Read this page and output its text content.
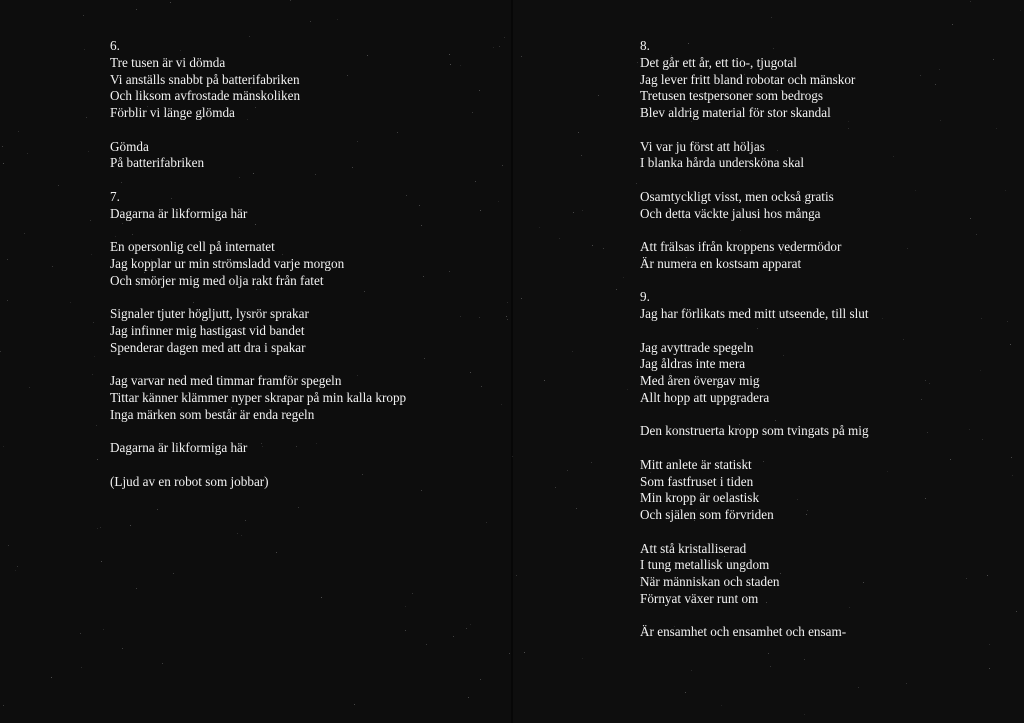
6.
Tre tusen är vi dömda
Vi anställs snabbt på batterifabriken
Och liksom avfrostade mänskoliken
Förblir vi länge glömda
Gömda
På batterifabriken
7.
Dagarna är likformiga här
En opersonlig cell på internatet
Jag kopplar ur min strömsladd varje morgon
Och smörjer mig med olja rakt från fatet
Signaler tjuter högljutt, lysrör sprakar
Jag infinner mig hastigast vid bandet
Spenderar dagen med att dra i spakar
Jag varvar ned med timmar framför spegeln
Tittar känner klämmer nyper skrapar på min kalla kropp
Inga märken som består är enda regeln
Dagarna är likformiga här
(Ljud av en robot som jobbar)
8.
Det går ett år, ett tio-, tjugotal
Jag lever fritt bland robotar och mänskor
Tretusen testpersoner som bedrogs
Blev aldrig material för stor skandal
Vi var ju först att höljas
I blanka hårda undersköna skal
Osamtyckligt visst, men också gratis
Och detta väckte jalusi hos många
Att frälsas ifrån kroppens vedermödor
Är numera en kostsam apparat
9.
Jag har förlikats med mitt utseende, till slut
Jag avyttrade spegeln
Jag åldras inte mera
Med åren övergav mig
Allt hopp att uppgradera
Den konstruerta kropp som tvingats på mig
Mitt anlete är statiskt
Som fastfruset i tiden
Min kropp är oelastisk
Och själen som förvriden
Att stå kristalliserad
I tung metallisk ungdom
När människan och staden
Förnyat växer runt om
Är ensamhet och ensamhet och ensam-
